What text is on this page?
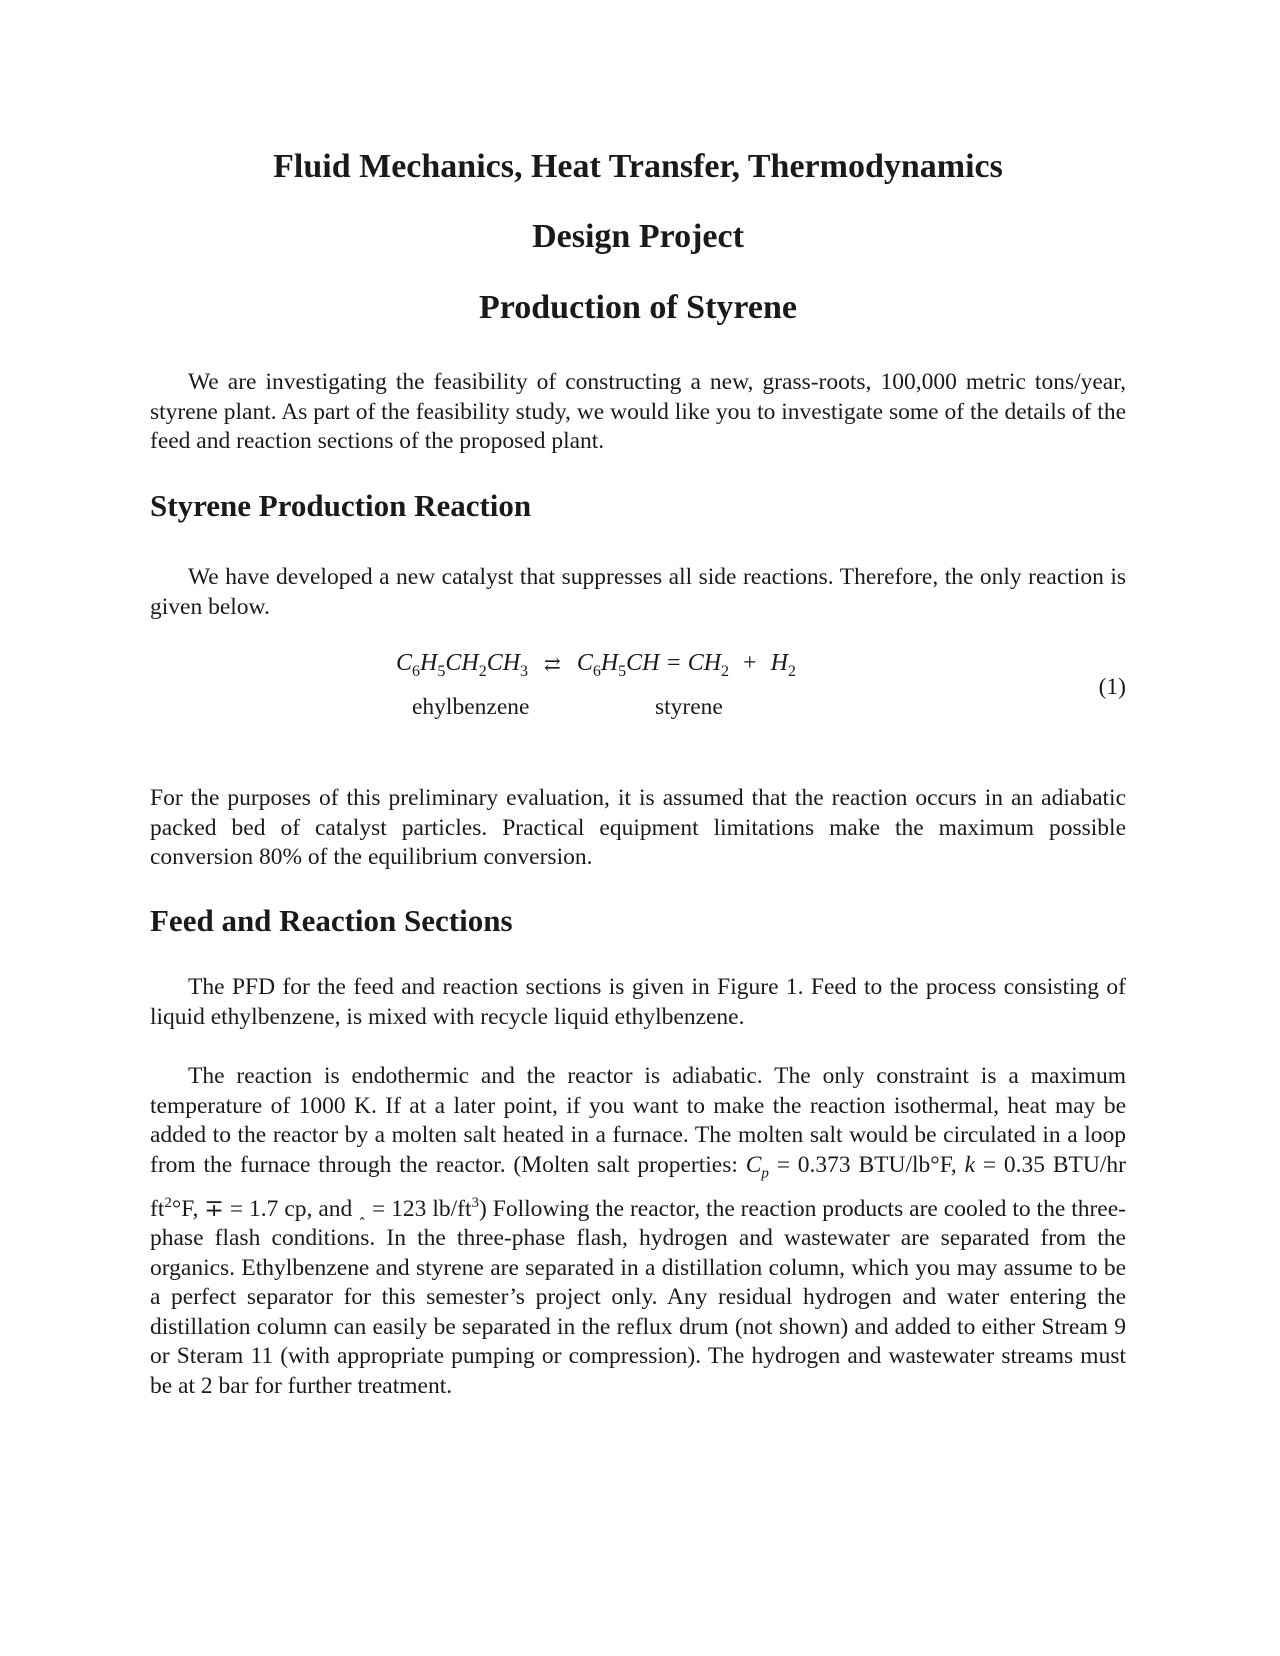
Fluid Mechanics, Heat Transfer, Thermodynamics
Design Project
Production of Styrene

We are investigating the feasibility of constructing a new, grass-roots, 100,000 metric tons/year, styrene plant. As part of the feasibility study, we would like you to investigate some of the details of the feed and reaction sections of the proposed plant.

Styrene Production Reaction

We have developed a new catalyst that suppresses all side reactions. Therefore, the only reaction is given below.

$C_6H_5CH_2CH_3$ ⇄ $C_6H_5CH = CH_2 + H_2$
ehylbenzene	styrene
(1)

For the purposes of this preliminary evaluation, it is assumed that the reaction occurs in an adiabatic packed bed of catalyst particles. Practical equipment limitations make the maximum possible conversion 80% of the equilibrium conversion.

Feed and Reaction Sections

The PFD for the feed and reaction sections is given in Figure 1. Feed to the process consisting of liquid ethylbenzene, is mixed with recycle liquid ethylbenzene.

The reaction is endothermic and the reactor is adiabatic. The only constraint is a maximum temperature of 1000 K. If at a later point, if you want to make the reaction isothermal, heat may be added to the reactor by a molten salt heated in a furnace. The molten salt would be circulated in a loop from the furnace through the reactor. (Molten salt properties: $C_p = 0.373$ BTU/lb°F, k = 0.35 BTU/hr $ft^2^\circ F$, ∓ = 1.7 cp, and ˰ = 123 $lb/ft^3$) Following the reactor, the reaction products are cooled to the three-phase flash conditions. In the three-phase flash, hydrogen and wastewater are separated from the organics. Ethylbenzene and styrene are separated in a distillation column, which you may assume to be a perfect separator for this semester’s project only. Any residual hydrogen and water entering the distillation column can easily be separated in the reflux drum (not shown) and added to either Stream 9 or Steram 11 (with appropriate pumping or compression). The hydrogen and wastewater streams must be at 2 bar for further treatment.
